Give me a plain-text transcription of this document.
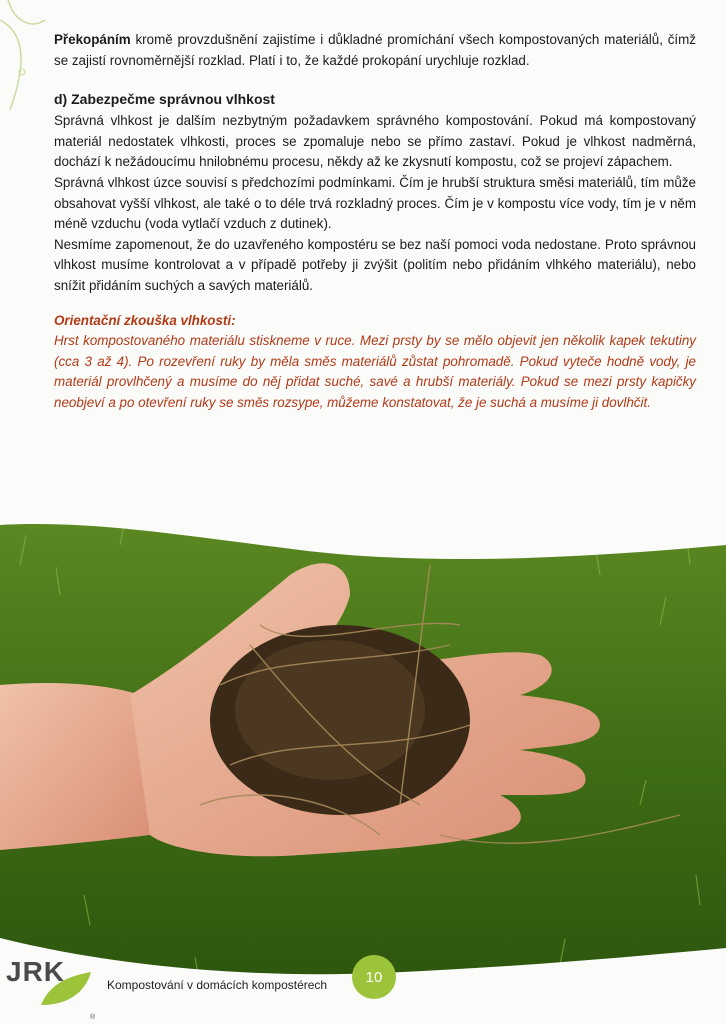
Překopáním kromě provzdušnění zajistíme i důkladné promíchání všech kompostovaných materiálů, čímž se zajistí rovnoměrnější rozklad. Platí i to, že každé prokopání urychluje rozklad.

d) Zabezpečme správnou vlhkost

Správná vlhkost je dalším nezbytným požadavkem správného kompostování. Pokud má kompostovaný materiál nedostatek vlhkosti, proces se zpomaluje nebo se přímo zastaví. Pokud je vlhkost nadměrná, dochází k nežádoucímu hnilobnému procesu, někdy až ke zkysnutí kompostu, což se projeví zápachem.

Správná vlhkost úzce souvisí s předchozími podmínkami. Čím je hrubší struktura směsi materiálů, tím může obsahovat vyšší vlhkost, ale také o to déle trvá rozkladný proces. Čím je v kompostu více vody, tím je v něm méně vzduchu (voda vytlačí vzduch z dutinek).

Nesmíme zapomenout, že do uzavřeného kompostéru se bez naší pomoci voda nedostane. Proto správnou vlhkost musíme kontrolovat a v případě potřeby ji zvýšit (politím nebo přidáním vlhkého materiálu), nebo snížit přidáním suchých a savých materiálů.

Orientační zkouška vlhkosti:

Hrst kompostovaného materiálu stiskneme v ruce. Mezi prsty by se mělo objevit jen několik kapek tekutiny (cca 3 až 4). Po rozevření ruky by měla směs materiálů zůstat pohromadě. Pokud vyteče hodně vody, je materiál provlhčený a musíme do něj přidat suché, savé a hrubší materiály. Pokud se mezi prsty kapičky neobjeví a po otevření ruky se směs rozsype, můžeme konstatovat, že je suchá a musíme ji dovlhčit.

JRK
®
Kompostování v domácích kompostérech	10
